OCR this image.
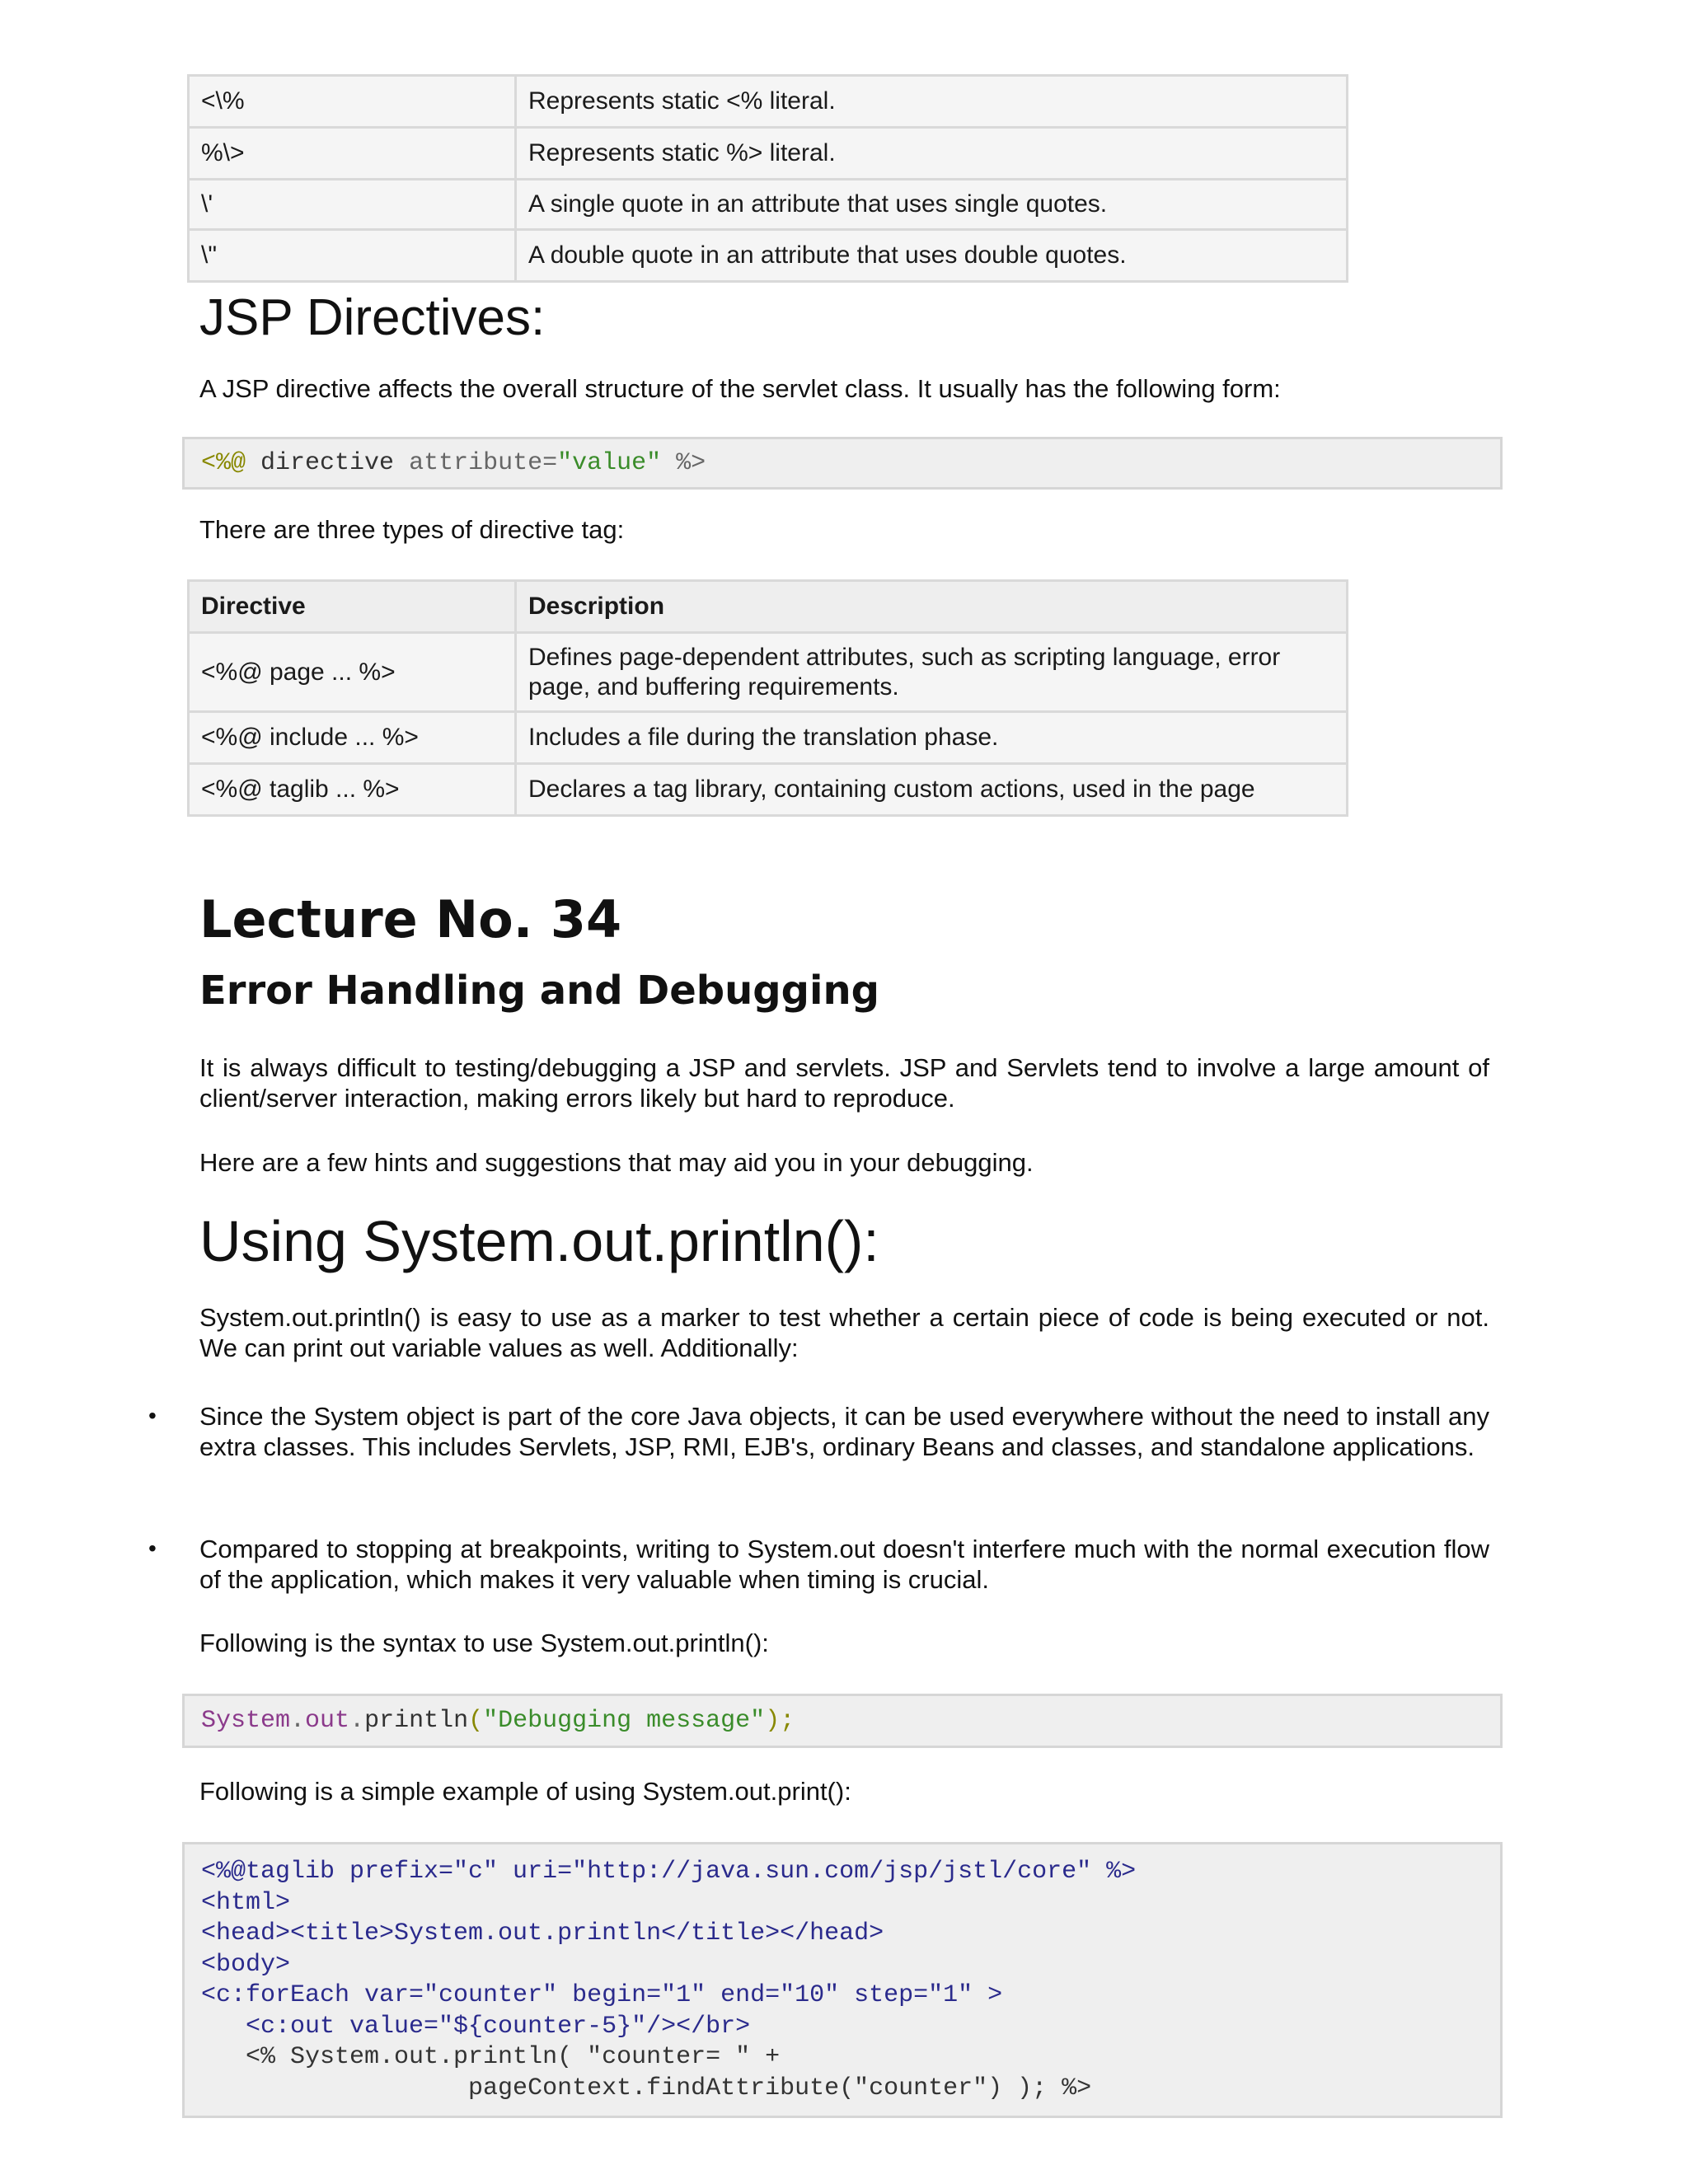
<\%	Represents static <% literal.
%\>	Represents static %> literal.
\'	A single quote in an attribute that uses single quotes.
\"	A double quote in an attribute that uses double quotes.
JSP Directives:

A JSP directive affects the overall structure of the servlet class. It usually has the following form:

<%@ directive attribute="value" %>

There are three types of directive tag:

Directive	Description
<%@ page ... %>	Defines page-dependent attributes, such as scripting language, error
page, and buffering requirements.

<%@ include ... %>	Includes a file during the translation phase.
<%@ taglib ... %>	Declares a tag library, containing custom actions, used in the page
Lecture No. 34
Error Handling and Debugging

It is always difficult to testing/debugging a JSP and servlets. JSP and Servlets tend to involve a large amount of client/server interaction, making errors likely but hard to reproduce.

Here are a few hints and suggestions that may aid you in your debugging.

Using System.out.println():

System.out.println() is easy to use as a marker to test whether a certain piece of code is being executed or not. We can print out variable values as well. Additionally:

• Since the System object is part of the core Java objects, it can be used everywhere without the need to install any extra classes. This includes Servlets, JSP, RMI, EJB's, ordinary Beans and classes, and standalone applications.

• Compared to stopping at breakpoints, writing to System.out doesn't interfere much with the normal execution flow of the application, which makes it very valuable when timing is crucial.

Following is the syntax to use System.out.println():

System.out.println("Debugging message");

Following is a simple example of using System.out.print():

<%@taglib prefix="c" uri="http://java.sun.com/jsp/jstl/core" %>
<html>
<head><title>System.out.println</title></head>
<body>
<c:forEach var="counter" begin="1" end="10" step="1" >
<c:out value="${counter-5}"/></br>
<% System.out.println( "counter= " +
pageContext.findAttribute("counter") ); %>
